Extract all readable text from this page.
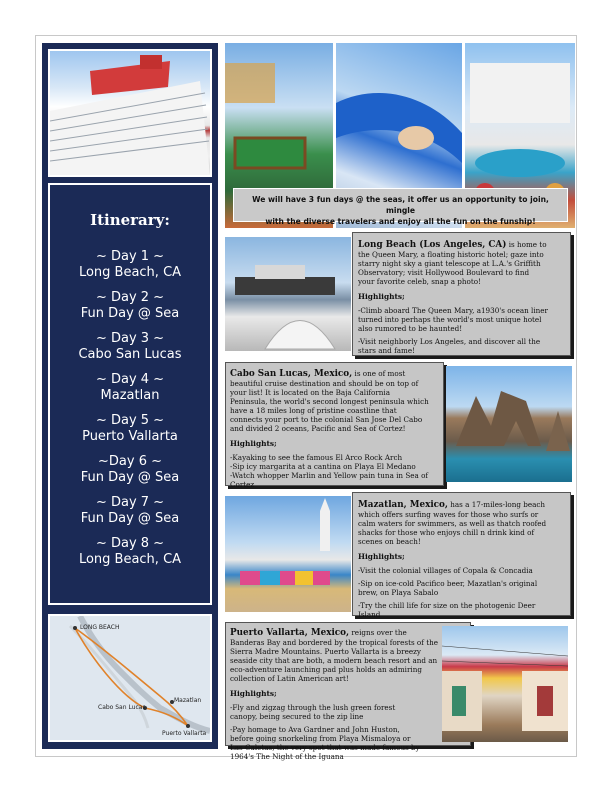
Itinerary:
~ Day 1 ~
Long Beach, CA
~ Day 2 ~
Fun Day @ Sea
~ Day 3 ~
Cabo San Lucas
~ Day 4 ~
Mazatlan
~ Day 5 ~
Puerto Vallarta
~Day 6 ~
Fun Day @ Sea
~ Day 7 ~
Fun Day @ Sea
~ Day 8 ~
Long Beach, CA
LONG BEACH
Cabo San Lucas
Mazatlan
Puerto Vallarta
We will have 3 fun days @ the seas, it offer us an opportunity to join, mingle
with the diverse travelers and enjoy all the fun on the funship!
Long Beach (Los Angeles, CA) is home to
the Queen Mary, a floating historic hotel; gaze into
starry night sky a giant telescope at L.A.'s Griffith
Observatory; visit Hollywood Boulevard to find
your favorite celeb, snap a photo!
Highlights;
-Climb aboard The Queen Mary, a1930's ocean liner
turned into perhaps the world's most unique hotel
also rumored to be haunted!
-Visit neighborly Los Angeles, and discover all the
stars and fame!
Cabo San Lucas, Mexico, is one of most
beautiful cruise destination and should be on top of
your list! It is located on the Baja California
Peninsula, the world's second longest peninsula which
have a 18 miles long of pristine coastline that
connects your port to the colonial San Jose Del Cabo
and divided 2 oceans, Pacific and Sea of Cortez!
Highlights;
-Kayaking to see the famous El Arco Rock Arch
-Sip icy margarita at a cantina on Playa El Medano
-Watch whopper Marlin and Yellow pain tuna in Sea of
Cortez
Mazatlan, Mexico, has a 17-miles-long beach
which offers surfing waves for those who surfs or
calm waters for swimmers, as well as thatch roofed
shacks for those who enjoys chill n drink kind of
scenes on beach!
Highlights;
-Visit the colonial villages of Copala & Concadia
-Sip on ice-cold Pacifico beer, Mazatlan's original
brew, on Playa Sabalo
-Try the chill life for size on the photogenic Deer
Island
Puerto Vallarta, Mexico, reigns over the
Banderas Bay and bordered by the tropical forests of the
Sierra Madre Mountains. Puerto Vallarta is a breezy
seaside city that are both, a modern beach resort and an
eco-adventure launching pad plus holds an admiring
collection of Latin American art!
Highlights;
-Fly and zigzag through the lush green forest
canopy, being secured to the zip line
-Pay homage to Ava Gardner and John Huston,
before going snorkeling from Playa Mismaloya or
Las Caletas, the very spot that was made famous by
1964's The Night of the Iguana
